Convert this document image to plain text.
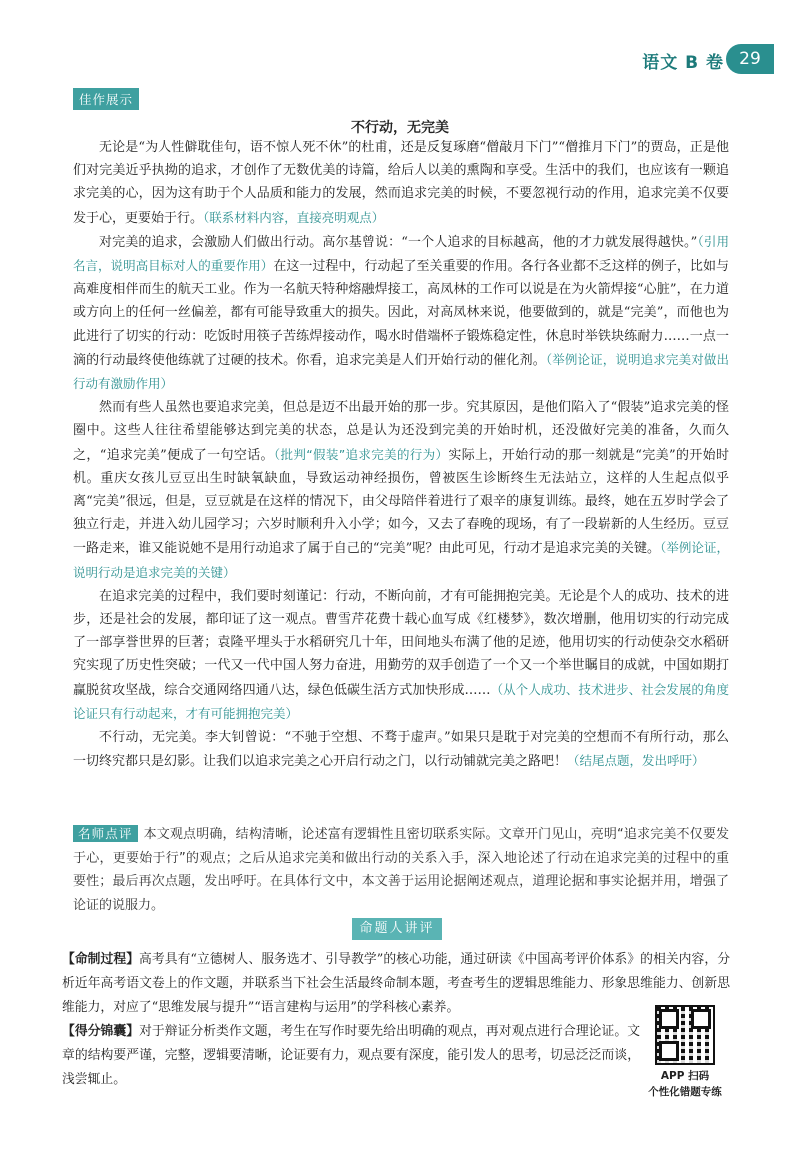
语文 B 卷 29
佳作展示
不行动，无完美

无论是“为人性僻耽佳句，语不惊人死不休”的杜甫，还是反复琢磨“僧敲月下门”“僧推月下门”的贾岛，正是他们对完美近乎执拗的追求，才创作了无数优美的诗篇，给后人以美的熏陶和享受。生活中的我们，也应该有一颗追求完美的心，因为这有助于个人品质和能力的发展，然而追求完美的时候，不要忽视行动的作用，追求完美不仅要发于心，更要始于行。（联系材料内容，直接亮明观点）

对完美的追求，会激励人们做出行动。高尔基曾说：“一个人追求的目标越高，他的才力就发展得越快。”（引用名言，说明高目标对人的重要作用）在这一过程中，行动起了至关重要的作用。各行各业都不乏这样的例子，比如与高难度相伴而生的航天工业。作为一名航天特种熔融焊接工，高凤林的工作可以说是在为火箭焊接“心脏”，在力道或方向上的任何一丝偏差，都有可能导致重大的损失。因此，对高凤林来说，他要做到的，就是“完美”，而他也为此进行了切实的行动：吃饭时用筷子苦练焊接动作，喝水时借端杯子锻炼稳定性，休息时举铁块练耐力……一点一滴的行动最终使他练就了过硬的技术。你看，追求完美是人们开始行动的催化剂。（举例论证，说明追求完美对做出行动有激励作用）

然而有些人虽然也要追求完美，但总是迈不出最开始的那一步。究其原因，是他们陷入了“假装”追求完美的怪圈中。这些人往往希望能够达到完美的状态，总是认为还没到完美的开始时机，还没做好完美的准备，久而久之，“追求完美”便成了一句空话。（批判“假装”追求完美的行为）实际上，开始行动的那一刻就是“完美”的开始时机。重庆女孩儿豆豆出生时缺氧缺血，导致运动神经损伤，曾被医生诊断终生无法站立，这样的人生起点似乎离“完美”很远，但是，豆豆就是在这样的情况下，由父母陪伴着进行了艰辛的康复训练。最终，她在五岁时学会了独立行走，并进入幼儿园学习；六岁时顺利升入小学；如今，又去了春晚的现场，有了一段崭新的人生经历。豆豆一路走来，谁又能说她不是用行动追求了属于自己的“完美”呢？由此可见，行动才是追求完美的关键。（举例论证，说明行动是追求完美的关键）

在追求完美的过程中，我们要时刻谨记：行动，不断向前，才有可能拥抱完美。无论是个人的成功、技术的进步，还是社会的发展，都印证了这一观点。曹雪芹花费十载心血写成《红楼梦》，数次增删，他用切实的行动完成了一部享誉世界的巨著；袁隆平埋头于水稻研究几十年，田间地头布满了他的足迹，他用切实的行动使杂交水稻研究实现了历史性突破；一代又一代中国人努力奋进，用勤劳的双手创造了一个又一个举世瞩目的成就，中国如期打赢脱贫攻坚战，综合交通网络四通八达，绿色低碳生活方式加快形成……（从个人成功、技术进步、社会发展的角度论证只有行动起来，才有可能拥抱完美）

不行动，无完美。李大钊曾说：“不驰于空想、不骛于虚声。”如果只是耽于对完美的空想而不有所行动，那么一切终究都只是幻影。让我们以追求完美之心开启行动之门，以行动铺就完美之路吧！（结尾点题，发出呼吁）

名师点评 本文观点明确，结构清晰，论述富有逻辑性且密切联系实际。文章开门见山，亮明“追求完美不仅要发于心，更要始于行”的观点；之后从追求完美和做出行动的关系入手，深入地论述了行动在追求完美的过程中的重要性；最后再次点题，发出呼吁。在具体行文中，本文善于运用论据阐述观点，道理论据和事实论据并用，增强了论证的说服力。
命题人讲评

【命制过程】高考具有“立德树人、服务选才、引导教学”的核心功能，通过研读《中国高考评价体系》的相关内容，分析近年高考语文卷上的作文题，并联系当下社会生活最终命制本题，考查考生的逻辑思维能力、形象思维能力、创新思维能力，对应了“思维发展与提升”“语言建构与运用”的学科核心素养。

【得分锦囊】对于辩证分析类作文题，考生在写作时要先给出明确的观点，再对观点进行合理论证。文章的结构要严谨，完整，逻辑要清晰，论证要有力，观点要有深度，能引发人的思考，切忌泛泛而谈，浅尝辄止。	APP 扫码
个性化错题专练
